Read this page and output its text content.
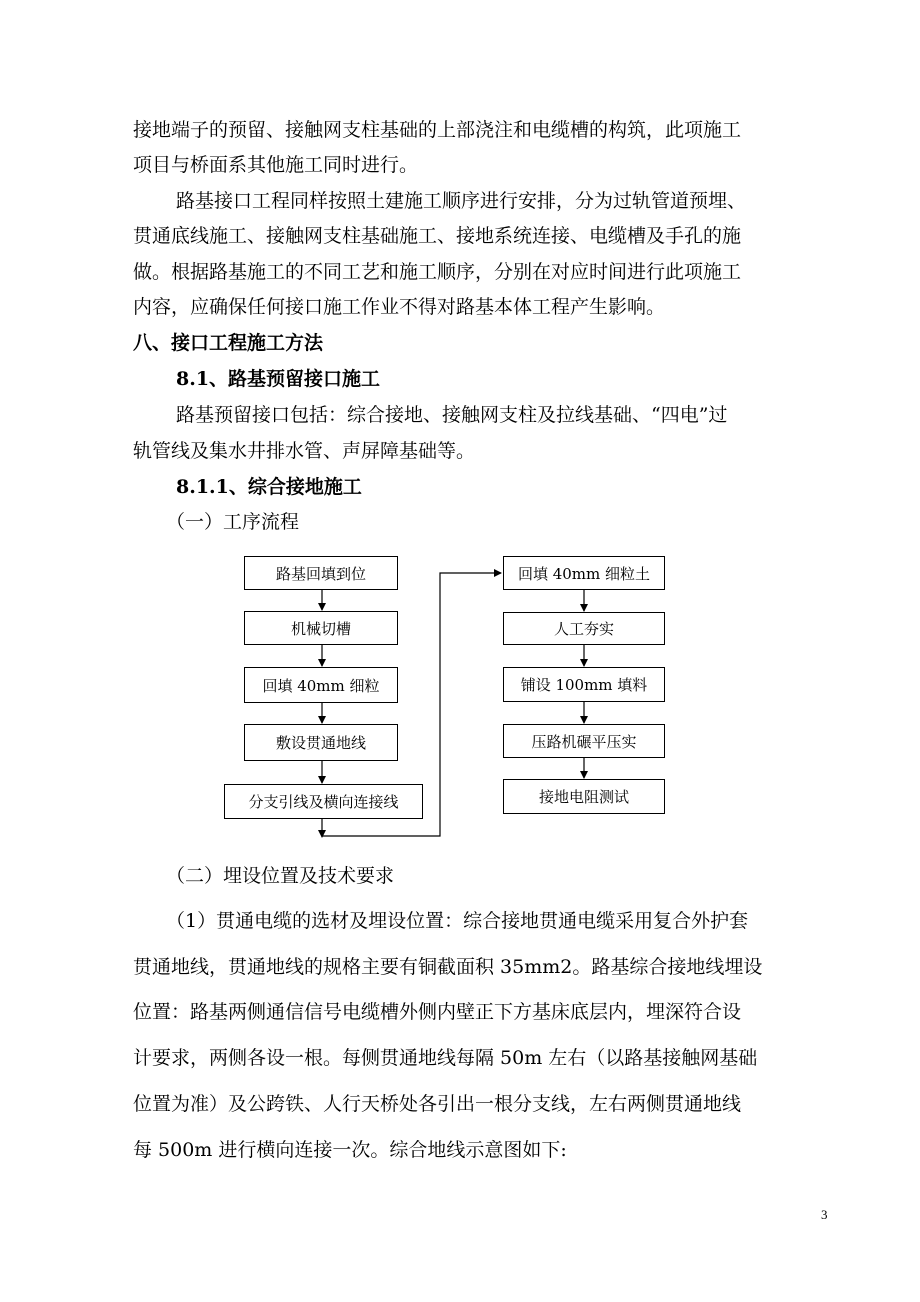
接地端子的预留、接触网支柱基础的上部浇注和电缆槽的构筑，此项施工
项目与桥面系其他施工同时进行。
路基接口工程同样按照土建施工顺序进行安排，分为过轨管道预埋、
贯通底线施工、接触网支柱基础施工、接地系统连接、电缆槽及手孔的施
做。根据路基施工的不同工艺和施工顺序，分别在对应时间进行此项施工
内容，应确保任何接口施工作业不得对路基本体工程产生影响。
八、接口工程施工方法
8.1、路基预留接口施工
路基预留接口包括：综合接地、接触网支柱及拉线基础、“四电”过
轨管线及集水井排水管、声屏障基础等。
8.1.1、综合接地施工
（一）工序流程
路基回填到位
机械切槽
回填 40mm 细粒
敷设贯通地线
分支引线及横向连接线
回填 40mm 细粒土
人工夯实
铺设 100mm 填料
压路机碾平压实
接地电阻测试
（二）埋设位置及技术要求
（1）贯通电缆的选材及埋设位置：综合接地贯通电缆采用复合外护套
贯通地线，贯通地线的规格主要有铜截面积 35mm2。路基综合接地线埋设
位置：路基两侧通信信号电缆槽外侧内壁正下方基床底层内，埋深符合设
计要求，两侧各设一根。每侧贯通地线每隔 50m 左右（以路基接触网基础
位置为准）及公跨铁、人行天桥处各引出一根分支线，左右两侧贯通地线
每 500m 进行横向连接一次。综合地线示意图如下:
3
